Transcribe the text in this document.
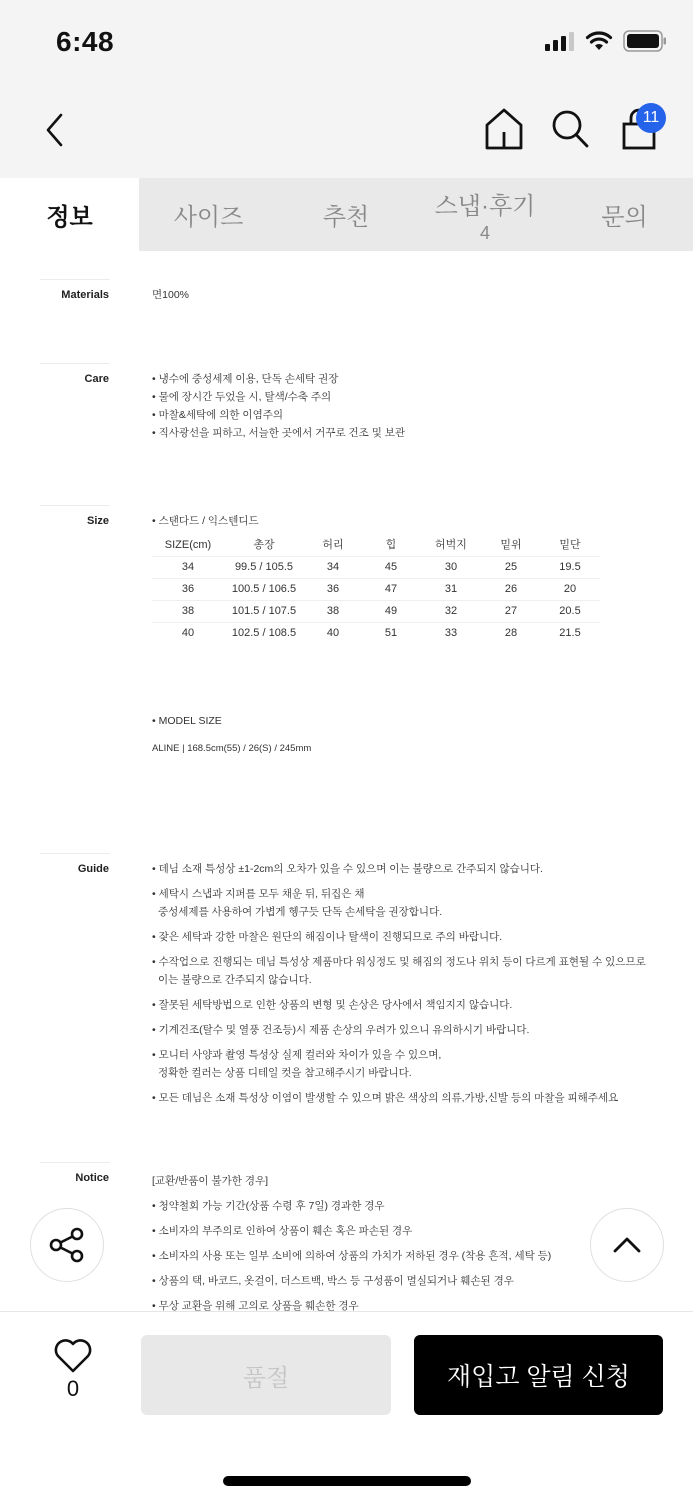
6:48
11
정보	사이즈	추천	스냅·후기
4
문의
Materials	면100%
Care	• 냉수에 중성세제 이용, 단독 손세탁 권장
• 물에 장시간 두었을 시, 탈색/수축 주의
• 마찰&세탁에 의한 이염주의
• 직사광선을 피하고, 서늘한 곳에서 거꾸로 건조 및 보관
Size	• 스탠다드 / 익스텐디드
SIZE(cm)	총장	허리	힙	허벅지	밑위	밑단
34	99.5 / 105.5	34	45	30	25	19.5
36	100.5 / 106.5	36	47	31	26	20
38	101.5 / 107.5	38	49	32	27	20.5
40	102.5 / 108.5	40	51	33	28	21.5
• MODEL SIZE
ALINE | 168.5cm(55) / 26(S) / 245mm
Guide	• 데님 소재 특성상 ±1-2cm의 오차가 있을 수 있으며 이는 불량으로 간주되지 않습니다.
• 세탁시 스냅과 지퍼를 모두 채운 뒤, 뒤집은 채
중성세제를 사용하여 가볍게 헹구듯 단독 손세탁을 권장합니다.
• 잦은 세탁과 강한 마찰은 원단의 해짐이나 탈색이 진행되므로 주의 바랍니다.
• 수작업으로 진행되는 데님 특성상 제품마다 워싱정도 및 해짐의 정도나 위치 등이 다르게 표현될 수 있으므로
이는 불량으로 간주되지 않습니다.
• 잘못된 세탁방법으로 인한 상품의 변형 및 손상은 당사에서 책임지지 않습니다.
• 기계건조(탈수 및 열풍 건조등)시 제품 손상의 우려가 있으니 유의하시기 바랍니다.
• 모니터 사양과 촬영 특성상 실제 컬러와 차이가 있을 수 있으며,
정확한 컬러는 상품 디테일 컷을 참고해주시기 바랍니다.
• 모든 데님은 소재 특성상 이염이 발생할 수 있으며 밝은 색상의 의류,가방,신발 등의 마찰을 피해주세요
Notice	[교환/반품이 불가한 경우]
• 청약철회 가능 기간(상품 수령 후 7일) 경과한 경우
• 소비자의 부주의로 인하여 상품이 훼손 혹은 파손된 경우
• 소비자의 사용 또는 일부 소비에 의하여 상품의 가치가 저하된 경우 (착용 흔적, 세탁 등)
• 상품의 택, 바코드, 옷걸이, 더스트백, 박스 등 구성품이 멸실되거나 훼손된 경우
• 무상 교환을 위해 고의로 상품을 훼손한 경우
0	품절	재입고 알림 신청
